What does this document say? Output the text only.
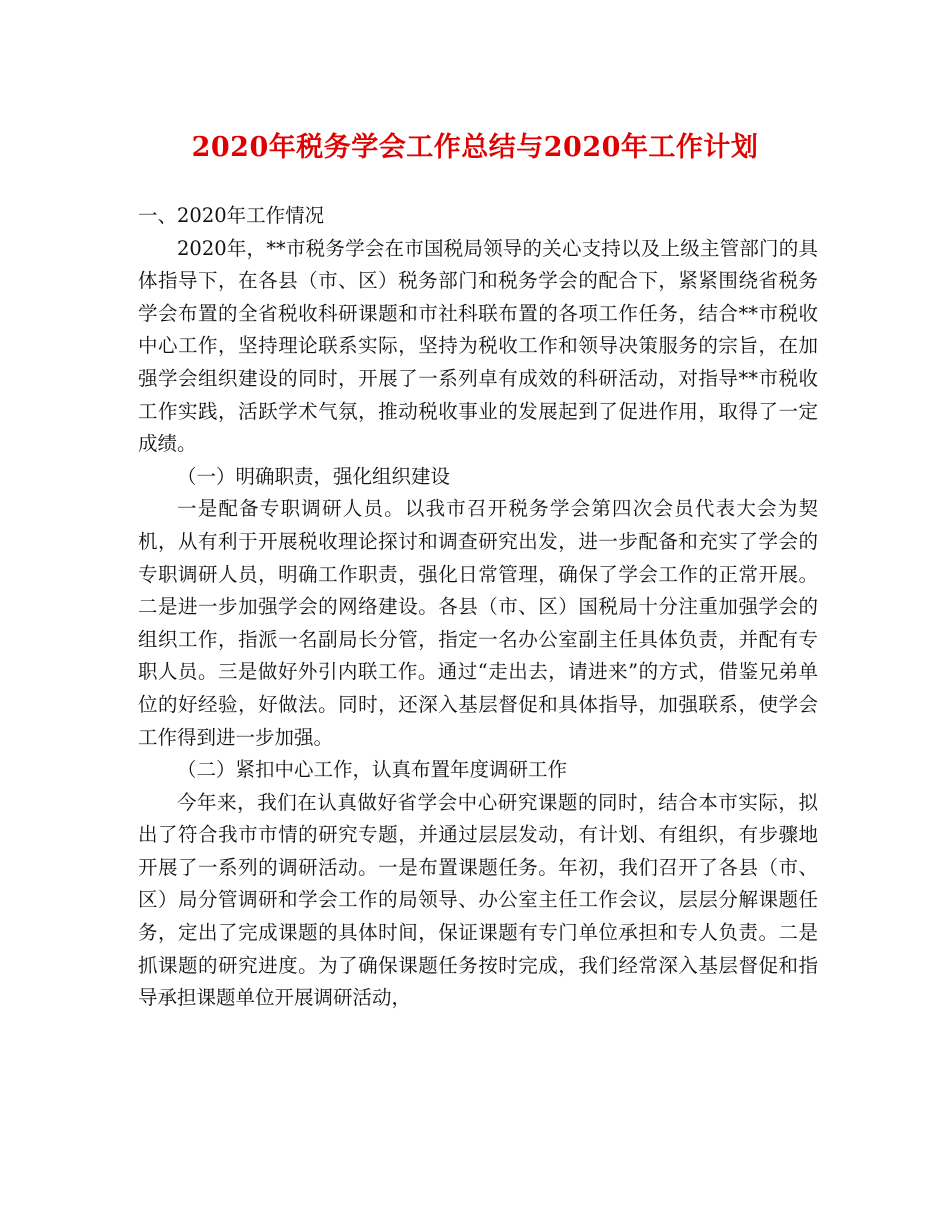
2020年税务学会工作总结与2020年工作计划

一、2020年工作情况

2020年，**市税务学会在市国税局领导的关心支持以及上级主管部门的具体指导下，在各县（市、区）税务部门和税务学会的配合下，紧紧围绕省税务学会布置的全省税收科研课题和市社科联布置的各项工作任务，结合**市税收中心工作，坚持理论联系实际，坚持为税收工作和领导决策服务的宗旨，在加强学会组织建设的同时，开展了一系列卓有成效的科研活动，对指导**市税收工作实践，活跃学术气氛，推动税收事业的发展起到了促进作用，取得了一定成绩。

（一）明确职责，强化组织建设

一是配备专职调研人员。以我市召开税务学会第四次会员代表大会为契机，从有利于开展税收理论探讨和调查研究出发，进一步配备和充实了学会的专职调研人员，明确工作职责，强化日常管理，确保了学会工作的正常开展。二是进一步加强学会的网络建设。各县（市、区）国税局十分注重加强学会的组织工作，指派一名副局长分管，指定一名办公室副主任具体负责，并配有专职人员。三是做好外引内联工作。通过“走出去，请进来”的方式，借鉴兄弟单位的好经验，好做法。同时，还深入基层督促和具体指导，加强联系，使学会工作得到进一步加强。

（二）紧扣中心工作，认真布置年度调研工作

今年来，我们在认真做好省学会中心研究课题的同时，结合本市实际，拟出了符合我市市情的研究专题，并通过层层发动，有计划、有组织，有步骤地开展了一系列的调研活动。一是布置课题任务。年初，我们召开了各县（市、区）局分管调研和学会工作的局领导、办公室主任工作会议，层层分解课题任务，定出了完成课题的具体时间，保证课题有专门单位承担和专人负责。二是抓课题的研究进度。为了确保课题任务按时完成，我们经常深入基层督促和指导承担课题单位开展调研活动，
